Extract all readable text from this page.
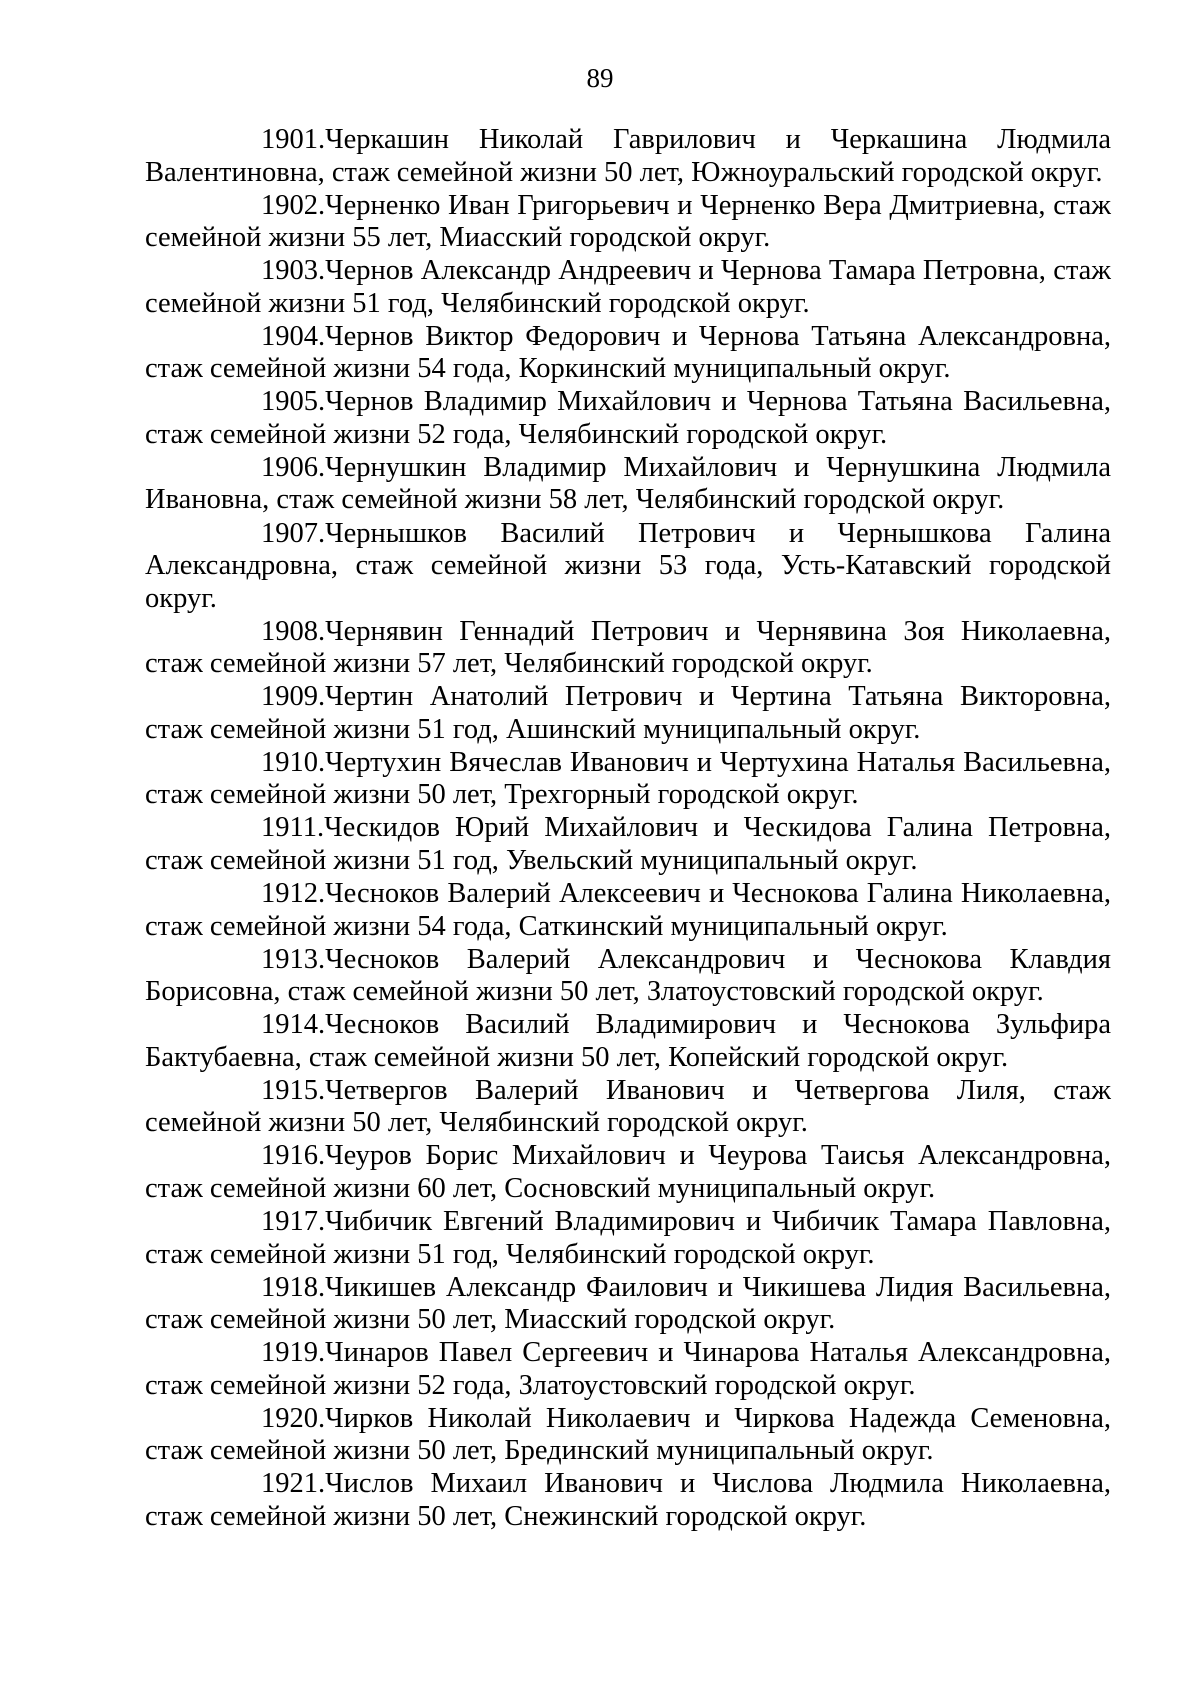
89

1901.Черкашин Николай Гаврилович и Черкашина Людмила Валентиновна, стаж семейной жизни 50 лет, Южноуральский городской округ.

1902.Черненко Иван Григорьевич и Черненко Вера Дмитриевна, стаж семейной жизни 55 лет, Миасский городской округ.

1903.Чернов Александр Андреевич и Чернова Тамара Петровна, стаж семейной жизни 51 год, Челябинский городской округ.

1904.Чернов Виктор Федорович и Чернова Татьяна Александровна, стаж семейной жизни 54 года, Коркинский муниципальный округ.

1905.Чернов Владимир Михайлович и Чернова Татьяна Васильевна, стаж семейной жизни 52 года, Челябинский городской округ.

1906.Чернушкин Владимир Михайлович и Чернушкина Людмила Ивановна, стаж семейной жизни 58 лет, Челябинский городской округ.

1907.Чернышков Василий Петрович и Чернышкова Галина Александровна, стаж семейной жизни 53 года, Усть-Катавский городской округ.

1908.Чернявин Геннадий Петрович и Чернявина Зоя Николаевна, стаж семейной жизни 57 лет, Челябинский городской округ.

1909.Чертин Анатолий Петрович и Чертина Татьяна Викторовна, стаж семейной жизни 51 год, Ашинский муниципальный округ.

1910.Чертухин Вячеслав Иванович и Чертухина Наталья Васильевна, стаж семейной жизни 50 лет, Трехгорный городской округ.

1911.Ческидов Юрий Михайлович и Ческидова Галина Петровна, стаж семейной жизни 51 год, Увельский муниципальный округ.

1912.Чесноков Валерий Алексеевич и Чеснокова Галина Николаевна, стаж семейной жизни 54 года, Саткинский муниципальный округ.

1913.Чесноков Валерий Александрович и Чеснокова Клавдия Борисовна, стаж семейной жизни 50 лет, Златоустовский городской округ.

1914.Чесноков Василий Владимирович и Чеснокова Зульфира Бактубаевна, стаж семейной жизни 50 лет, Копейский городской округ.

1915.Четвергов Валерий Иванович и Четвергова Лиля, стаж семейной жизни 50 лет, Челябинский городской округ.

1916.Чеуров Борис Михайлович и Чеурова Таисья Александровна, стаж семейной жизни 60 лет, Сосновский муниципальный округ.

1917.Чибичик Евгений Владимирович и Чибичик Тамара Павловна, стаж семейной жизни 51 год, Челябинский городской округ.

1918.Чикишев Александр Фаилович и Чикишева Лидия Васильевна, стаж семейной жизни 50 лет, Миасский городской округ.

1919.Чинаров Павел Сергеевич и Чинарова Наталья Александровна, стаж семейной жизни 52 года, Златоустовский городской округ.

1920.Чирков Николай Николаевич и Чиркова Надежда Семеновна, стаж семейной жизни 50 лет, Брединский муниципальный округ.

1921.Числов Михаил Иванович и Числова Людмила Николаевна, стаж семейной жизни 50 лет, Снежинский городской округ.
